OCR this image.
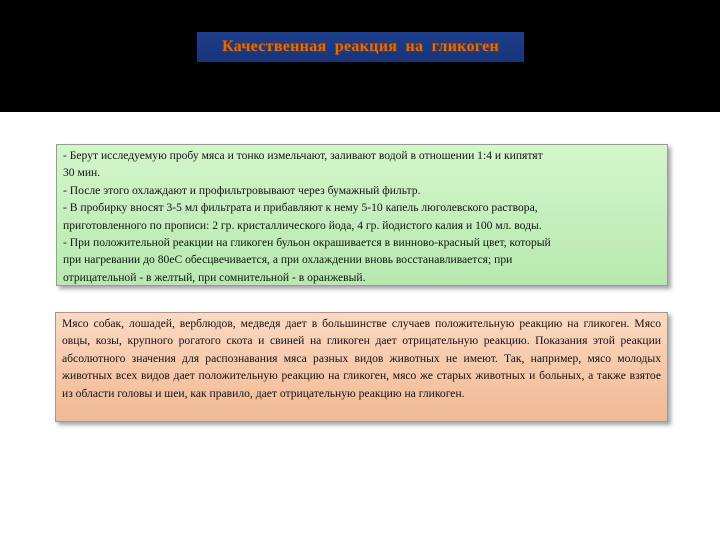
Качественная реакция на гликоген
- Берут исследуемую пробу мяса и тонко измельчают, заливают водой в отношении 1:4 и кипятят
30 мин.
- После этого охлаждают и профильтровывают через бумажный фильтр.
- В пробирку вносят 3-5 мл фильтрата и прибавляют к нему 5-10 капель люголевского раствора,
приготовленного по прописи: 2 гр. кристаллического йода, 4 гр. йодистого калия и 100 мл. воды.
- При положительной реакции на гликоген бульон окрашивается в винново-красный цвет, который
при нагревании до 80еС обесцвечивается, а при охлаждении вновь восстанавливается; при
отрицательной - в желтый, при сомнительной - в оранжевый.

Мясо собак, лошадей, верблюдов, медведя дает в большинстве случаев положительную реакцию на гликоген. Мясо овцы, козы, крупного рогатого скота и свиней на гликоген дает отрицательную реакцию. Показания этой реакции абсолютного значения для распознавания мяса разных видов животных не имеют. Так, например, мясо молодых животных всех видов дает положительную реакцию на гликоген, мясо же старых животных и больных, а также взятое из области головы и шеи, как правило, дает отрицательную реакцию на гликоген.
